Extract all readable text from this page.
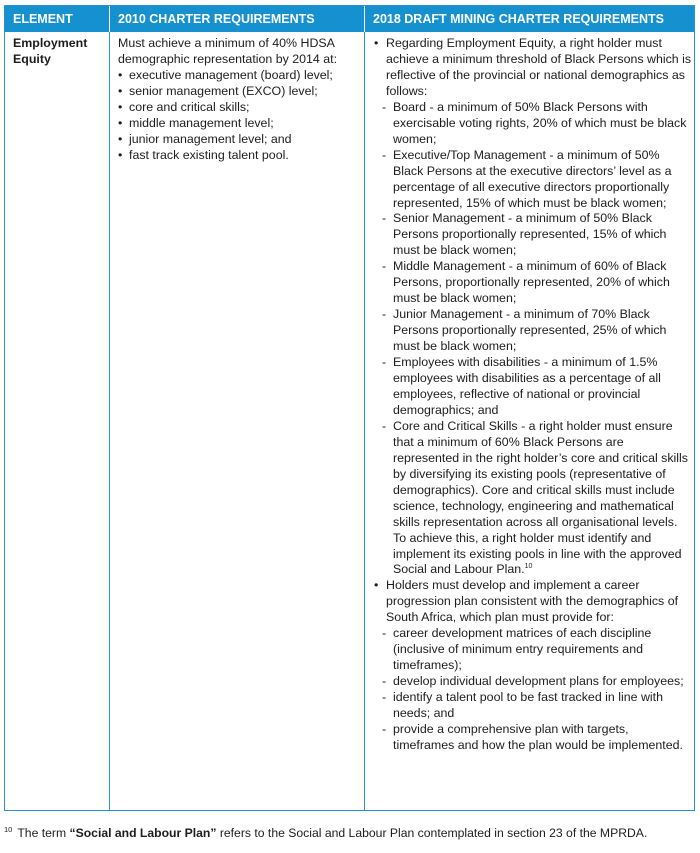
ELEMENT	2010 CHARTER REQUIREMENTS	2018 DRAFT MINING CHARTER REQUIREMENTS
Employment Equity
Must achieve a minimum of 40% HDSA demographic representation by 2014 at:
• executive management (board) level;
• senior management (EXCO) level;
• core and critical skills;
• middle management level;
• junior management level; and
• fast track existing talent pool.
• Regarding Employment Equity, a right holder must achieve a minimum threshold of Black Persons which is reflective of the provincial or national demographics as follows:
- Board - a minimum of 50% Black Persons with exercisable voting rights, 20% of which must be black women;
- Executive/Top Management - a minimum of 50% Black Persons at the executive directors’ level as a percentage of all executive directors proportionally represented, 15% of which must be black women;
- Senior Management - a minimum of 50% Black Persons proportionally represented, 15% of which must be black women;
- Middle Management - a minimum of 60% of Black Persons, proportionally represented, 20% of which must be black women;
- Junior Management - a minimum of 70% Black Persons proportionally represented, 25% of which must be black women;
- Employees with disabilities - a minimum of 1.5% employees with disabilities as a percentage of all employees, reflective of national or provincial demographics; and
- Core and Critical Skills - a right holder must ensure that a minimum of 60% Black Persons are represented in the right holder’s core and critical skills by diversifying its existing pools (representative of demographics). Core and critical skills must include science, technology, engineering and mathematical skills representation across all organisational levels. To achieve this, a right holder must identify and implement its existing pools in line with the approved Social and Labour Plan.$^{10}$
• Holders must develop and implement a career progression plan consistent with the demographics of South Africa, which plan must provide for:
- career development matrices of each discipline (inclusive of minimum entry requirements and timeframes);
- develop individual development plans for employees;
- identify a talent pool to be fast tracked in line with needs; and
- provide a comprehensive plan with targets, timeframes and how the plan would be implemented.
$^{10}$ The term “Social and Labour Plan” refers to the Social and Labour Plan contemplated in section 23 of the MPRDA.
